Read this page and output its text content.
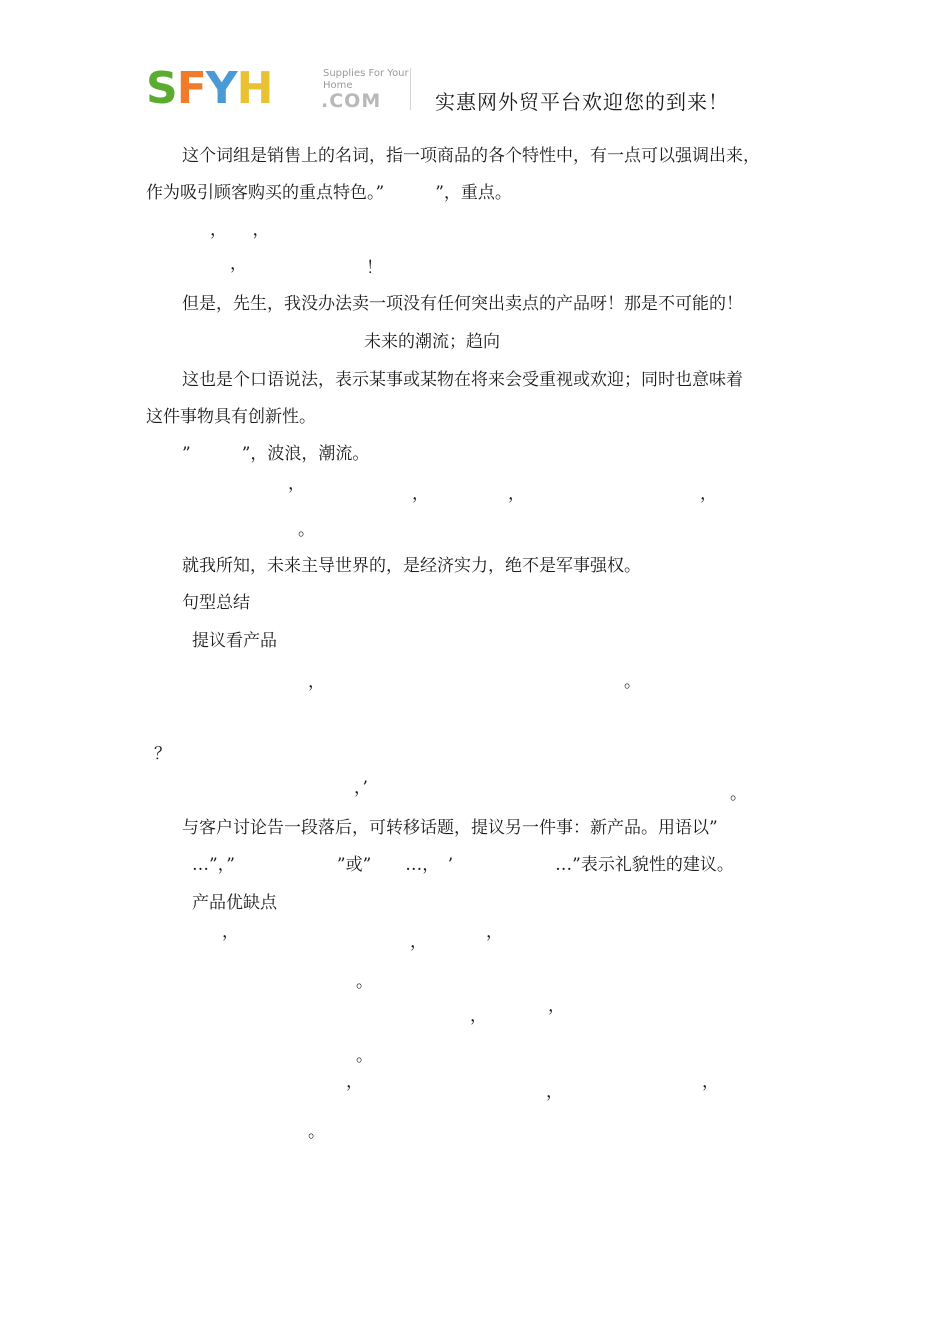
S F Y H	Supplies For Your
Home
.COM	实惠网外贸平台欢迎您的到来！
这个词组是销售上的名词，指一项商品的各个特性中，有一点可以强调出来，
作为吸引顾客购买的重点特色。”　　　”，重点。
，　　，
，	！
但是，先生，我没办法卖一项没有任何突出卖点的产品呀！那是不可能的！
未来的潮流；趋向
这也是个口语说法，表示某事或某物在将来会受重视或欢迎；同时也意味着
这件事物具有创新性。
”　　　”，波浪，潮流。
，	，	，	，
。
就我所知，未来主导世界的，是经济实力，绝不是军事强权。
句型总结
提议看产品
，	。
？
，’	。
与客户讨论告一段落后，可转移话题，提议另一件事：新产品。用语以”
…”，”　　　　　　”或”　　…，　’　　　　　　…”表示礼貌性的建议。
产品优缺点
，	，	，
。
，	，
。
，	，	，
。
